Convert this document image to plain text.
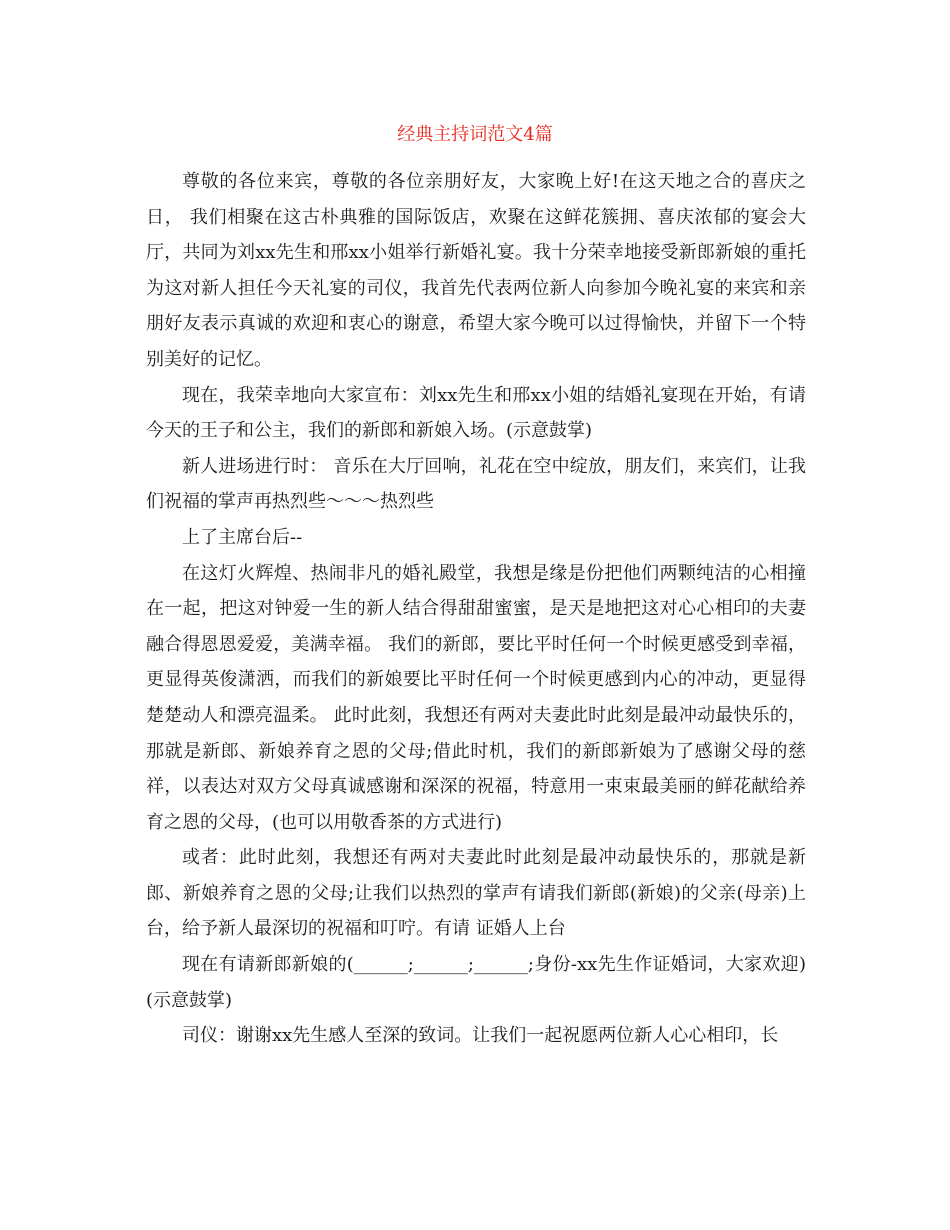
经典主持词范文4篇

尊敬的各位来宾，尊敬的各位亲朋好友，大家晚上好!在这天地之合的喜庆之日， 我们相聚在这古朴典雅的国际饭店，欢聚在这鲜花簇拥、喜庆浓郁的宴会大厅，共同为刘xx先生和邢xx小姐举行新婚礼宴。我十分荣幸地接受新郎新娘的重托为这对新人担任今天礼宴的司仪，我首先代表两位新人向参加今晚礼宴的来宾和亲朋好友表示真诚的欢迎和衷心的谢意，希望大家今晚可以过得愉快，并留下一个特别美好的记忆。

现在，我荣幸地向大家宣布：刘xx先生和邢xx小姐的结婚礼宴现在开始，有请今天的王子和公主，我们的新郎和新娘入场。(示意鼓掌)

新人进场进行时： 音乐在大厅回响，礼花在空中绽放，朋友们，来宾们，让我们祝福的掌声再热烈些～～～热烈些

上了主席台后--

在这灯火辉煌、热闹非凡的婚礼殿堂，我想是缘是份把他们两颗纯洁的心相撞在一起，把这对钟爱一生的新人结合得甜甜蜜蜜，是天是地把这对心心相印的夫妻融合得恩恩爱爱，美满幸福。 我们的新郎，要比平时任何一个时候更感受到幸福，更显得英俊潇洒，而我们的新娘要比平时任何一个时候更感到内心的冲动，更显得楚楚动人和漂亮温柔。 此时此刻，我想还有两对夫妻此时此刻是最冲动最快乐的，那就是新郎、新娘养育之恩的父母;借此时机，我们的新郎新娘为了感谢父母的慈祥，以表达对双方父母真诚感谢和深深的祝福，特意用一束束最美丽的鲜花献给养育之恩的父母，(也可以用敬香茶的方式进行)

或者：此时此刻，我想还有两对夫妻此时此刻是最冲动最快乐的，那就是新郎、新娘养育之恩的父母;让我们以热烈的掌声有请我们新郎(新娘)的父亲(母亲)上台，给予新人最深切的祝福和叮咛。有请 证婚人上台

现在有请新郎新娘的(______;______;______;身份-xx先生作证婚词，大家欢迎)(示意鼓掌)

司仪：谢谢xx先生感人至深的致词。让我们一起祝愿两位新人心心相印，长
